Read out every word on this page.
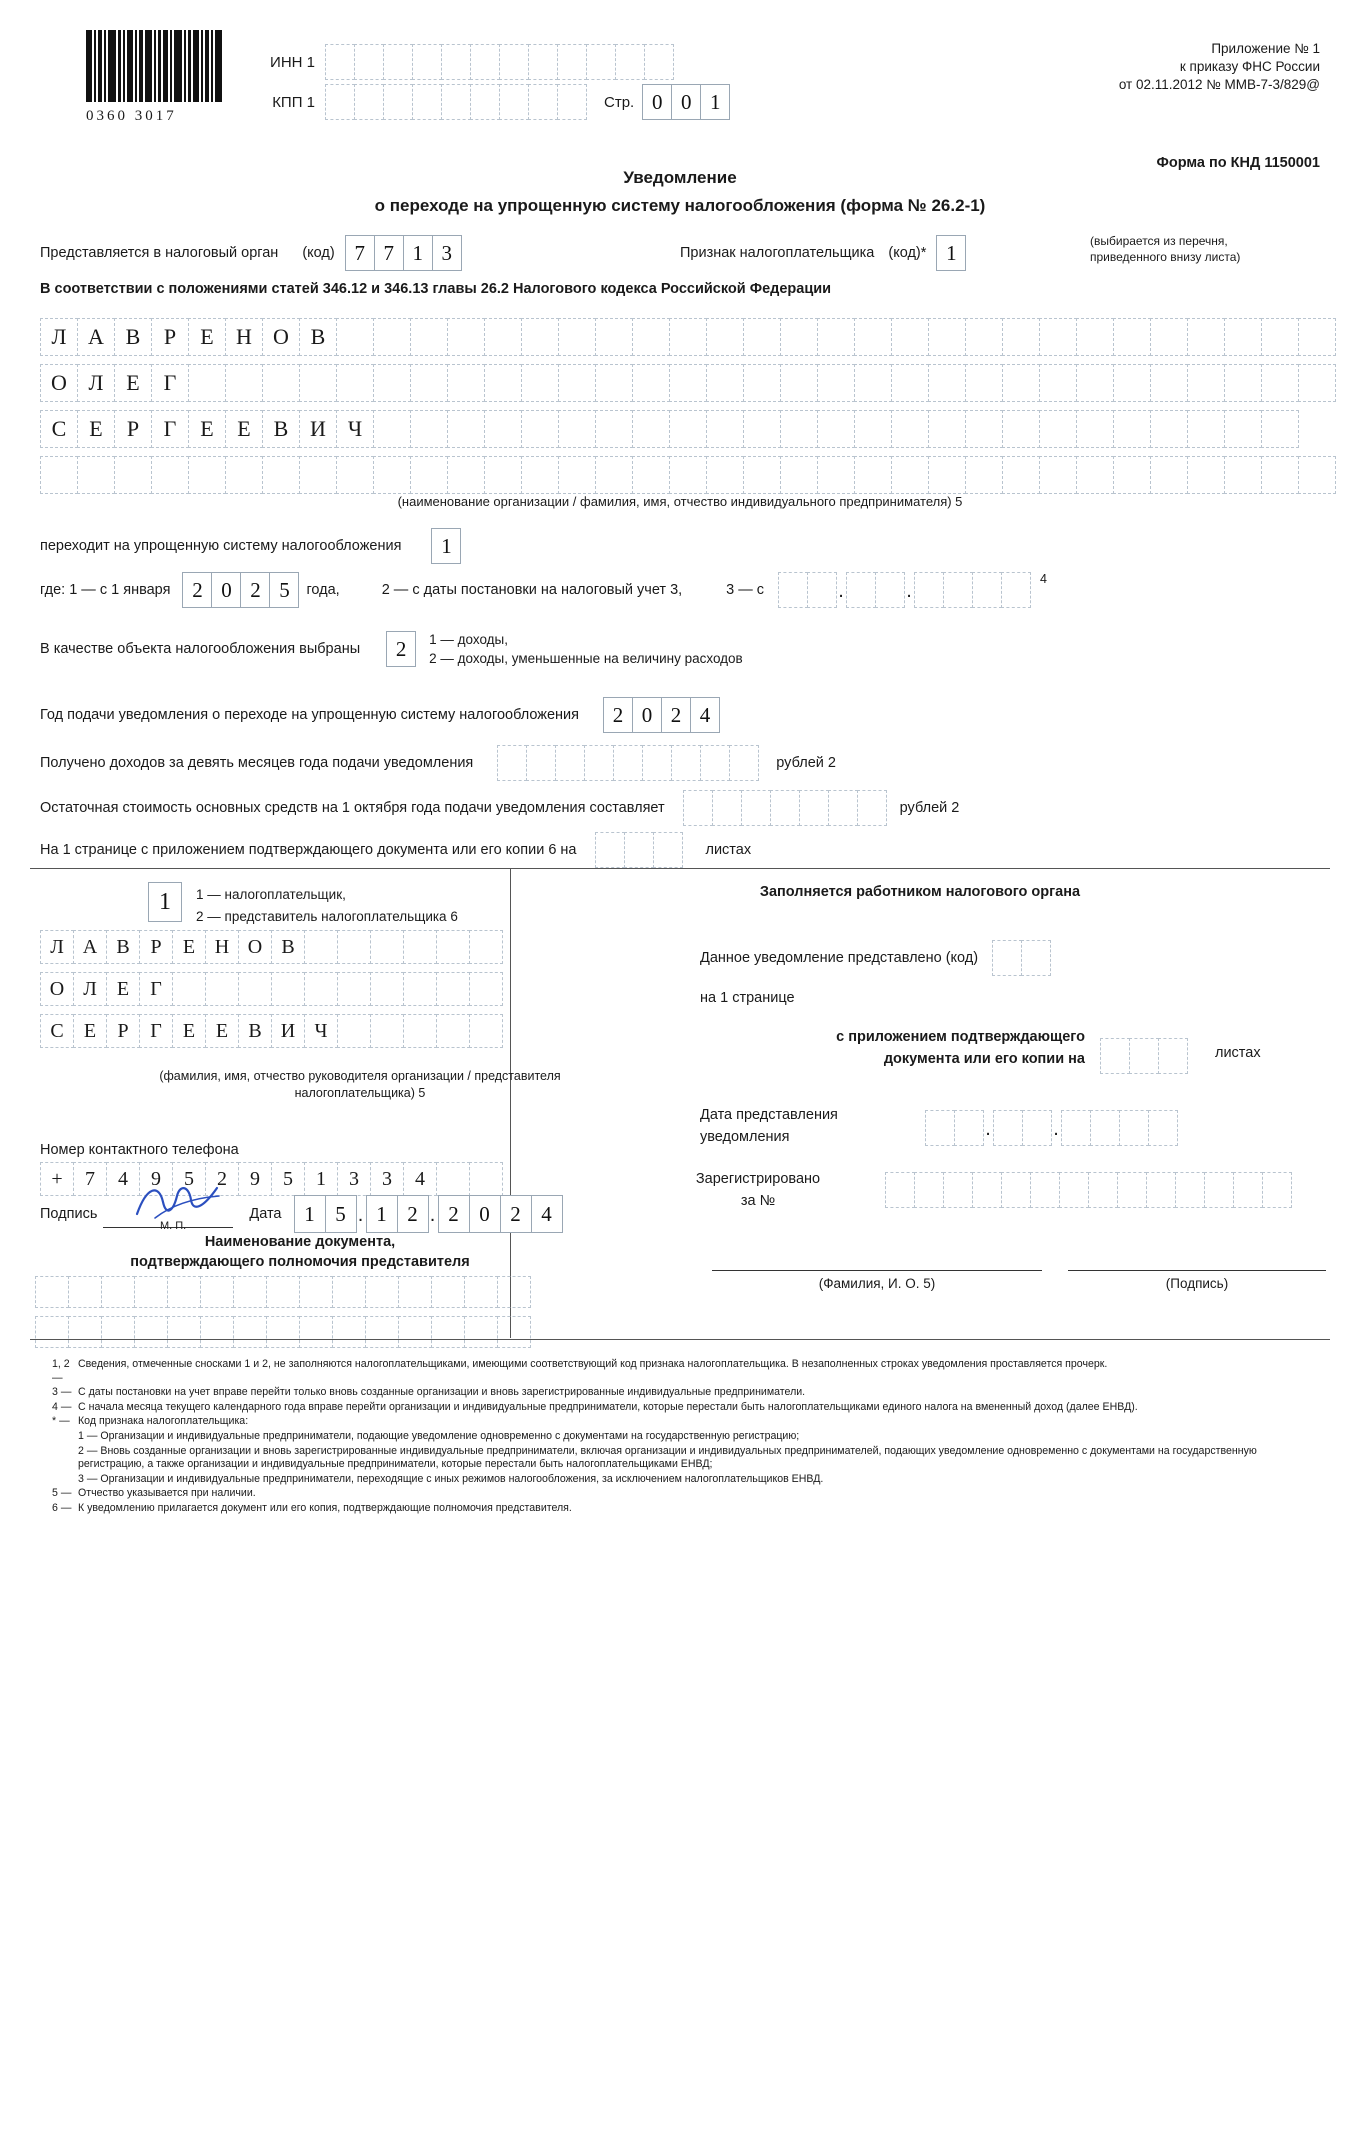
0360 3017
ИНН 1
КПП 1	Стр. 0 0 1
Приложение № 1
к приказу ФНС России
от 02.11.2012 № ММВ-7-3/829@
Форма по КНД 1150001
Уведомление
о переходе на упрощенную систему налогообложения (форма № 26.2-1)
Представляется в налоговый орган (код) 7 7 1 3	Признак налогоплательщика (код)* 1	(выбирается из перечня,
приведенного внизу листа)
В соответствии с положениями статей 346.12 и 346.13 главы 26.2 Налогового кодекса Российской Федерации
Л А В	Р	Е	Н О В
О Л	Е	Г
С	Е	Р	Г	Е	Е	В И Ч
(наименование организации / фамилия, имя, отчество индивидуального предпринимателя) 5
переходит на упрощенную систему налогообложения	1
где: 1 — с 1 января	2 0 2 5	года,	2 — с даты постановки на налоговый учет 3,	3 — с	.	.
4
В качестве объекта налогообложения выбраны	2	1 — доходы,
2 — доходы, уменьшенные на величину расходов
Год подачи уведомления о переходе на упрощенную систему налогообложения	2 0 2 4
Получено доходов за девять месяцев года подачи уведомления	рублей 2
Остаточная стоимость основных средств на 1 октября года подачи уведомления составляет	рублей 2
На 1 странице с приложением подтверждающего документа или его копии 6 на	листах
1	1 — налогоплательщик,
2 — представитель налогоплательщика 6
Л А В	Р	Е Н О В
О Л	Е	Г
С	Е	Р	Г	Е	Е	В И Ч
(фамилия, имя, отчество руководителя организации / представителя
налогоплательщика) 5
Номер контактного телефона
+	7	4	9	5	2	9	5	1	3	3	4
Подпись	Дата	1 5 . 1 2 . 2 0 2 4
М. П.
Наименование документа,
подтверждающего полномочия представителя
Заполняется работником налогового органа
Данное уведомление представлено (код)
на 1 странице
с приложением подтверждающего
документа или его копии на	листах
Дата представления
уведомления	.	.
Зарегистрировано
за №
(Фамилия, И. О. 5)	(Подпись)
1, 2 —
Сведения, отмеченные сносками 1 и 2, не заполняются налогоплательщиками, имеющими соответствующий код признака налогоплательщика. В незаполненных строках уведомления проставляется прочерк.
3 — С даты постановки на учет вправе перейти только вновь созданные организации и вновь зарегистрированные индивидуальные предприниматели.
4 — С начала месяца текущего календарного года вправе перейти организации и индивидуальные предприниматели, которые перестали быть налогоплательщиками единого налога на вмененный доход (далее ЕНВД).
* — Код признака налогоплательщика:
1 — Организации и индивидуальные предприниматели, подающие уведомление одновременно с документами на государственную регистрацию;
2 — Вновь созданные организации и вновь зарегистрированные индивидуальные предприниматели, включая организации и индивидуальных предпринимателей, подающих уведомление одновременно с документами на государственную регистрацию, а также организации и индивидуальные предприниматели, которые перестали быть налогоплательщиками ЕНВД;
3 — Организации и индивидуальные предприниматели, переходящие с иных режимов налогообложения, за исключением налогоплательщиков ЕНВД.
5 — Отчество указывается при наличии.
6 — К уведомлению прилагается документ или его копия, подтверждающие полномочия представителя.
